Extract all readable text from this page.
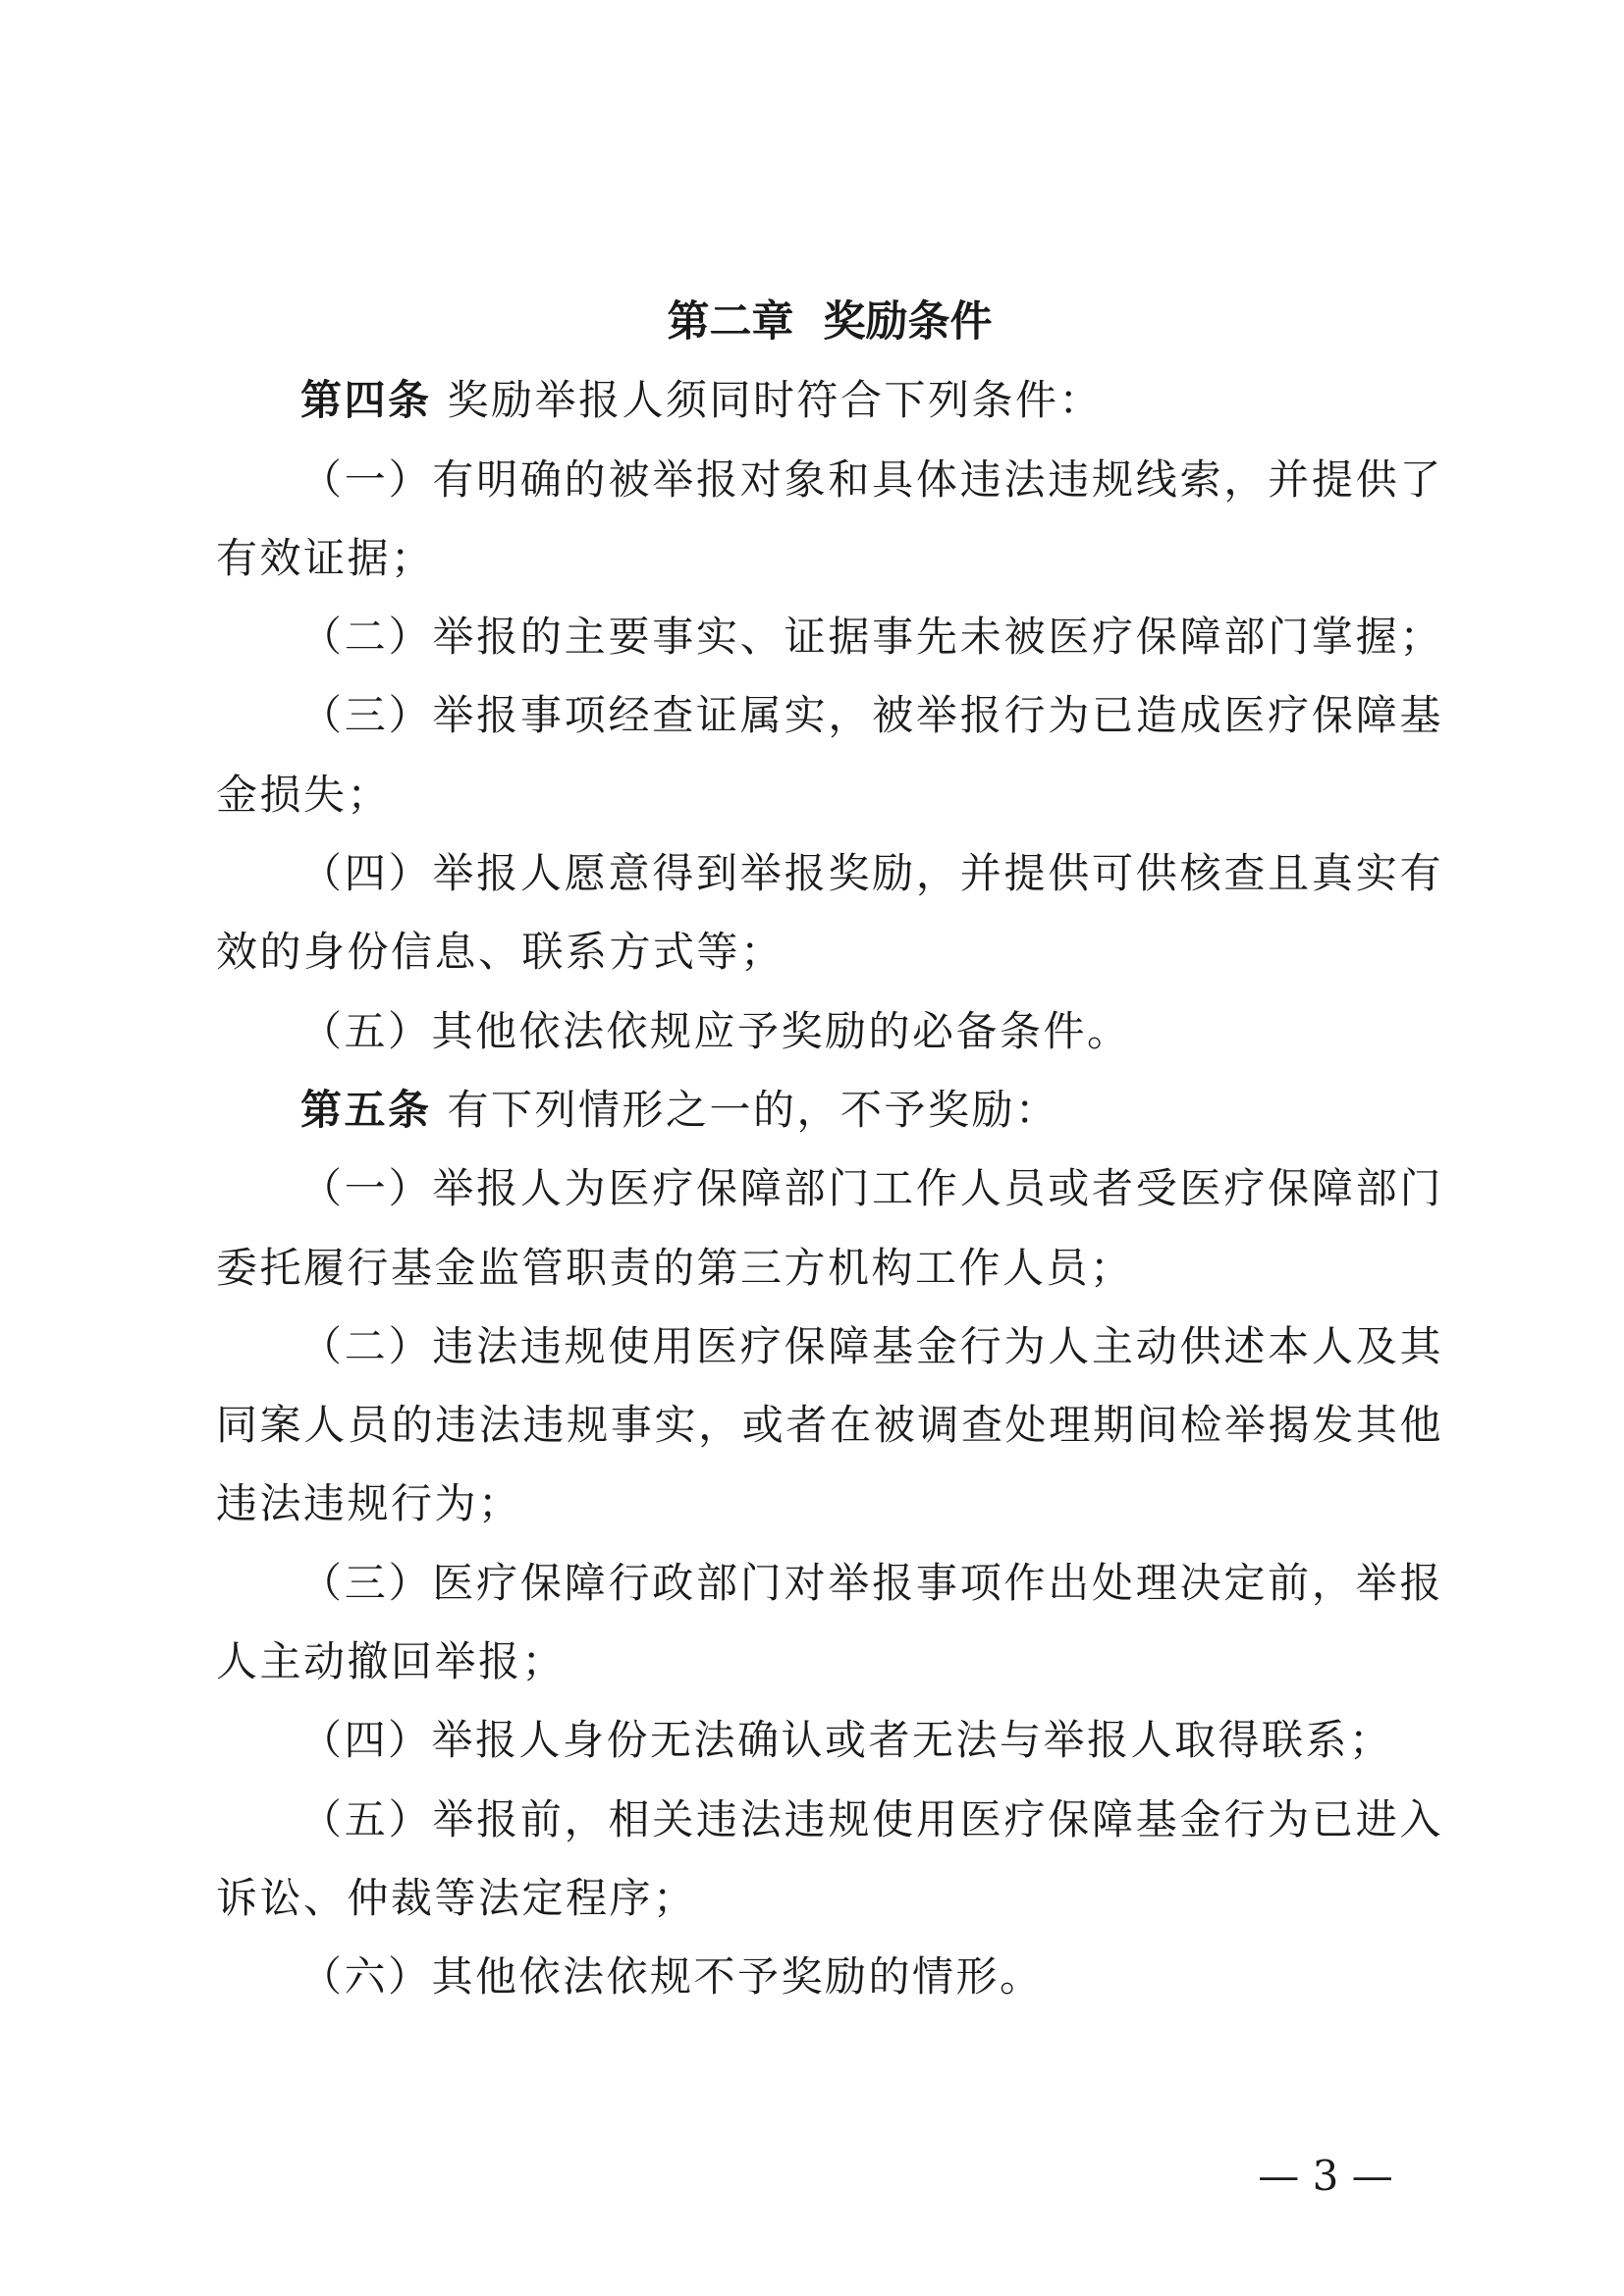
第二章 奖励条件
第四条 奖励举报人须同时符合下列条件：
（一）有明确的被举报对象和具体违法违规线索，并提供了
有效证据；
（二）举报的主要事实、证据事先未被医疗保障部门掌握；
（三）举报事项经查证属实，被举报行为已造成医疗保障基
金损失；
（四）举报人愿意得到举报奖励，并提供可供核查且真实有
效的身份信息、联系方式等；
（五）其他依法依规应予奖励的必备条件。
第五条 有下列情形之一的，不予奖励：
（一）举报人为医疗保障部门工作人员或者受医疗保障部门
委托履行基金监管职责的第三方机构工作人员；
（二）违法违规使用医疗保障基金行为人主动供述本人及其
同案人员的违法违规事实，或者在被调查处理期间检举揭发其他
违法违规行为；
（三）医疗保障行政部门对举报事项作出处理决定前，举报
人主动撤回举报；
（四）举报人身份无法确认或者无法与举报人取得联系；
（五）举报前，相关违法违规使用医疗保障基金行为已进入
诉讼、仲裁等法定程序；
（六）其他依法依规不予奖励的情形。
— 3 —
